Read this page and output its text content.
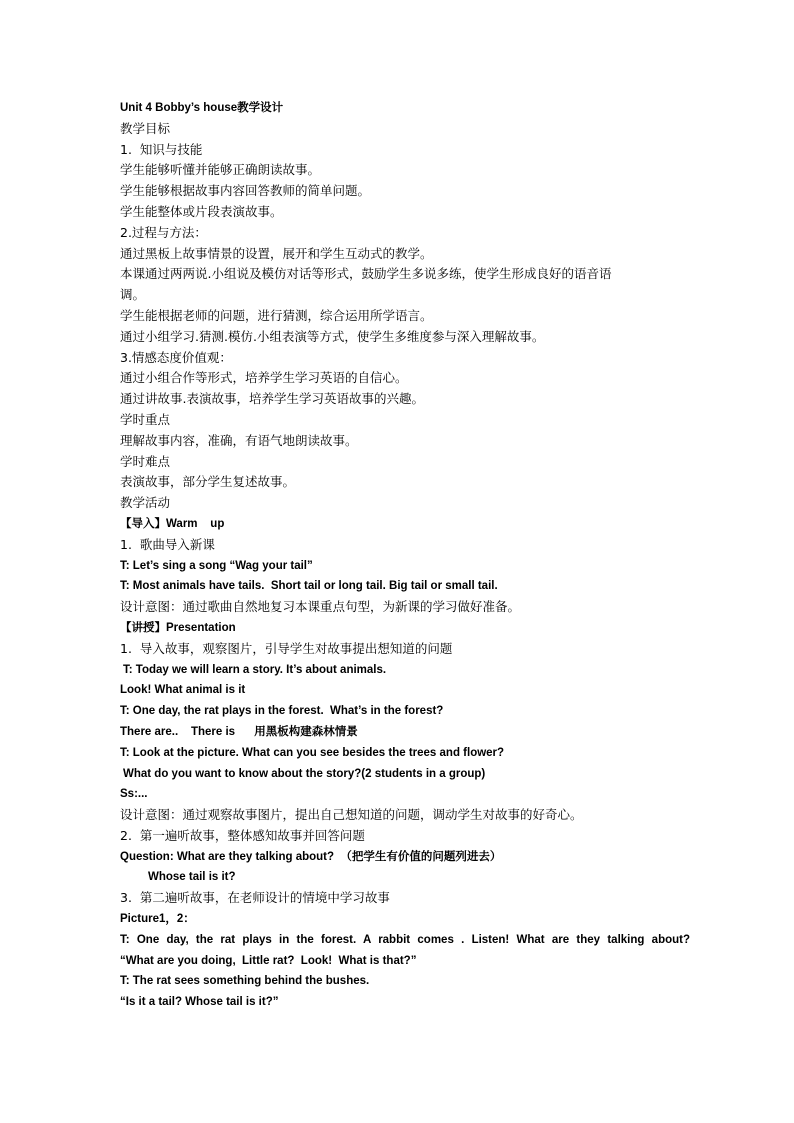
Unit 4 Bobby’s house教学设计
教学目标
1.  知识与技能
学生能够听懂并能够正确朗读故事。
学生能够根据故事内容回答教师的简单问题。
学生能整体或片段表演故事。
2.过程与方法：
通过黑板上故事情景的设置，展开和学生互动式的教学。
本课通过两两说.小组说及模仿对话等形式，鼓励学生多说多练，使学生形成良好的语音语
调。
学生能根据老师的问题，进行猜测，综合运用所学语言。
通过小组学习.猜测.模仿.小组表演等方式，使学生多维度参与深入理解故事。
3.情感态度价值观：
通过小组合作等形式，培养学生学习英语的自信心。
通过讲故事.表演故事，培养学生学习英语故事的兴趣。
学时重点
理解故事内容，准确，有语气地朗读故事。
学时难点
表演故事，部分学生复述故事。
教学活动
【导入】Warm    up
1.  歌曲导入新课
T: Let’s sing a song “Wag your tail”
T: Most animals have tails.  Short tail or long tail. Big tail or small tail.
设计意图：通过歌曲自然地复习本课重点句型，为新课的学习做好准备。
【讲授】Presentation
1.  导入故事，观察图片，引导学生对故事提出想知道的问题
T: Today we will learn a story. It’s about animals.
Look! What animal is it
T: One day, the rat plays in the forest.  What’s in the forest?
There are..    There is      用黑板构建森林情景
T: Look at the picture. What can you see besides the trees and flower?
What do you want to know about the story?(2 students in a group)
Ss:...
设计意图：通过观察故事图片，提出自己想知道的问题，调动学生对故事的好奇心。
2.  第一遍听故事，整体感知故事并回答问题
Question: What are they talking about?  （把学生有价值的问题列进去）
Whose tail is it?
3.  第二遍听故事，在老师设计的情境中学习故事
Picture1，2：
T: One day, the rat plays in the forest. A rabbit comes . Listen! What are they talking about?
“What are you doing,  Little rat?  Look!  What is that?”
T: The rat sees something behind the bushes.
“Is it a tail? Whose tail is it?”
